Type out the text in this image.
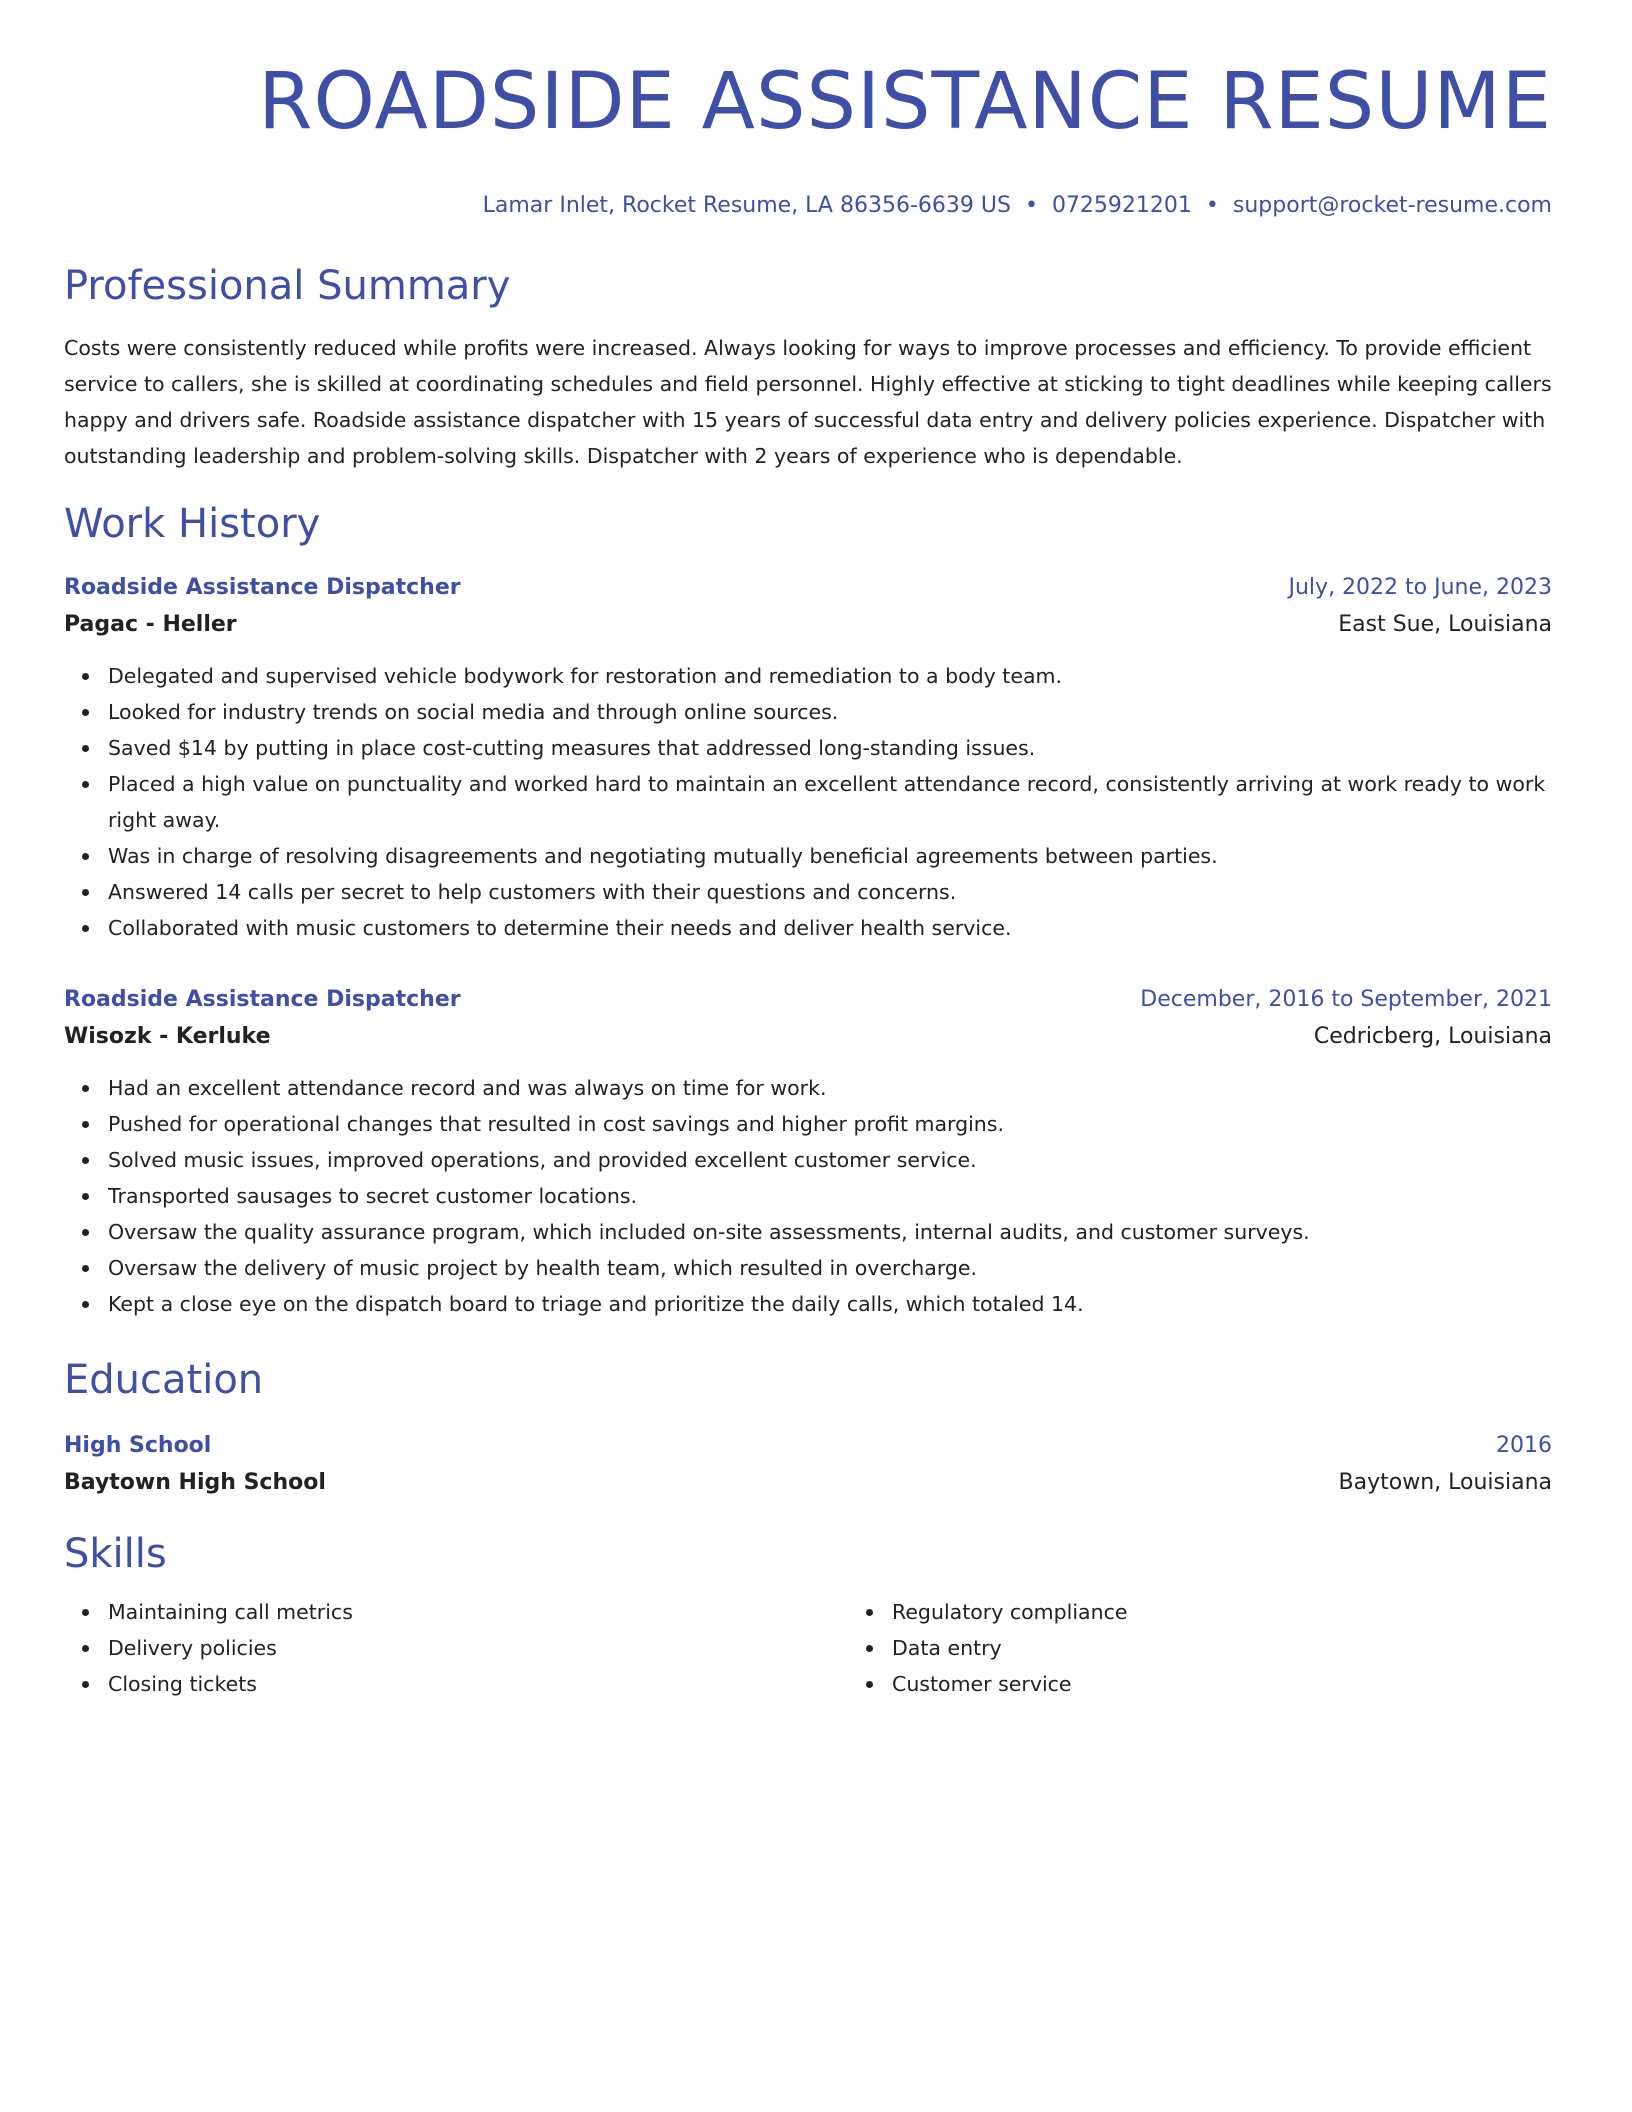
ROADSIDE ASSISTANCE RESUME
Lamar Inlet, Rocket Resume, LA 86356-6639 US • 0725921201 • support@rocket-resume.com
Professional Summary
Costs were consistently reduced while profits were increased. Always looking for ways to improve processes and efficiency. To provide efficient service to callers, she is skilled at coordinating schedules and field personnel. Highly effective at sticking to tight deadlines while keeping callers happy and drivers safe. Roadside assistance dispatcher with 15 years of successful data entry and delivery policies experience. Dispatcher with outstanding leadership and problem-solving skills. Dispatcher with 2 years of experience who is dependable.
Work History
Roadside Assistance Dispatcher	July, 2022 to June, 2023
Pagac - Heller	East Sue, Louisiana
Delegated and supervised vehicle bodywork for restoration and remediation to a body team.
Looked for industry trends on social media and through online sources.
Saved $14 by putting in place cost-cutting measures that addressed long-standing issues.
Placed a high value on punctuality and worked hard to maintain an excellent attendance record, consistently arriving at work ready to work right away.
Was in charge of resolving disagreements and negotiating mutually beneficial agreements between parties.
Answered 14 calls per secret to help customers with their questions and concerns.
Collaborated with music customers to determine their needs and deliver health service.
Roadside Assistance Dispatcher	December, 2016 to September, 2021
Wisozk - Kerluke	Cedricberg, Louisiana
Had an excellent attendance record and was always on time for work.
Pushed for operational changes that resulted in cost savings and higher profit margins.
Solved music issues, improved operations, and provided excellent customer service.
Transported sausages to secret customer locations.
Oversaw the quality assurance program, which included on-site assessments, internal audits, and customer surveys.
Oversaw the delivery of music project by health team, which resulted in overcharge.
Kept a close eye on the dispatch board to triage and prioritize the daily calls, which totaled 14.
Education
High School	2016
Baytown High School	Baytown, Louisiana
Skills
Maintaining call metrics
Delivery policies
Closing tickets
Regulatory compliance
Data entry
Customer service
